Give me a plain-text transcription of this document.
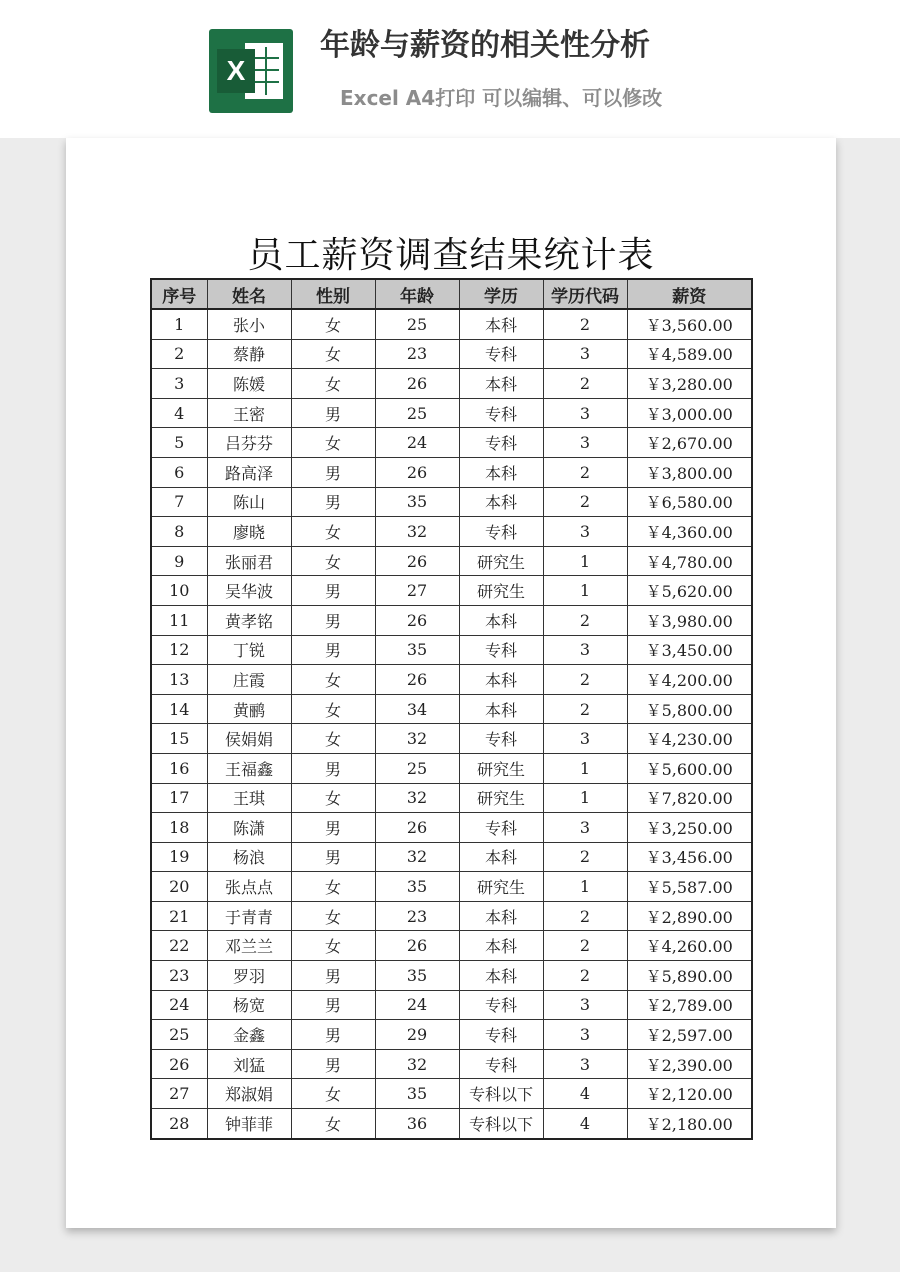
X
年龄与薪资的相关性分析
Excel A4打印 可以编辑、可以修改
员工薪资调查结果统计表
序号	姓名	性别	年龄	学历	学历代码	薪资
1	张小	女	25	本科	2	￥3,560.00
2	蔡静	女	23	专科	3	￥4,589.00
3	陈媛	女	26	本科	2	￥3,280.00
4	王密	男	25	专科	3	￥3,000.00
5	吕芬芬	女	24	专科	3	￥2,670.00
6	路高泽	男	26	本科	2	￥3,800.00
7	陈山	男	35	本科	2	￥6,580.00
8	廖晓	女	32	专科	3	￥4,360.00
9	张丽君	女	26	研究生	1	￥4,780.00
10	吴华波	男	27	研究生	1	￥5,620.00
11	黄孝铭	男	26	本科	2	￥3,980.00
12	丁锐	男	35	专科	3	￥3,450.00
13	庄霞	女	26	本科	2	￥4,200.00
14	黄鹂	女	34	本科	2	￥5,800.00
15	侯娟娟	女	32	专科	3	￥4,230.00
16	王福鑫	男	25	研究生	1	￥5,600.00
17	王琪	女	32	研究生	1	￥7,820.00
18	陈潇	男	26	专科	3	￥3,250.00
19	杨浪	男	32	本科	2	￥3,456.00
20	张点点	女	35	研究生	1	￥5,587.00
21	于青青	女	23	本科	2	￥2,890.00
22	邓兰兰	女	26	本科	2	￥4,260.00
23	罗羽	男	35	本科	2	￥5,890.00
24	杨宽	男	24	专科	3	￥2,789.00
25	金鑫	男	29	专科	3	￥2,597.00
26	刘猛	男	32	专科	3	￥2,390.00
27	郑淑娟	女	35	专科以下	4	￥2,120.00
28	钟菲菲	女	36	专科以下	4	￥2,180.00
